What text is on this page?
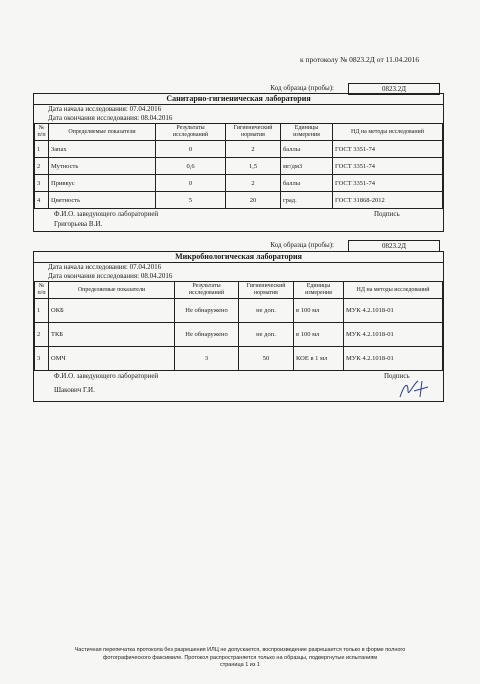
к протоколу № 0823.2Д от 11.04.2016
Код образца (пробы):	0823.2Д
Санитарно-гигиеническая лаборатория
Дата начала исследования: 07.04.2016
Дата окончания исследования: 08.04.2016
№ п/п	Определяемые показатели	Результаты исследований	Гигиенический норматив	Единицы измерения	НД на методы исследований
1	Запах	0	2	баллы	ГОСТ 3351-74
2	Мутность	0,6	1,5	мг/дм3	ГОСТ 3351-74
3	Привкус	0	2	баллы	ГОСТ 3351-74
4	Цветность	5	20	град.	ГОСТ 31868-2012
Ф.И.О. заведующего лабораторией
Григорьева В.И.
Подпись
Код образца (пробы):	0823.2Д
Микробиологическая лаборатория
Дата начала исследования: 07.04.2016
Дата окончания исследования: 08.04.2016
№ п/п	Определяемые показатели	Результаты исследований	Гигиенический норматив	Единицы измерения	НД на методы исследований
1	ОКБ	Не обнаружено	не доп.	в 100 мл	МУК 4.2.1018-01
2	ТКБ	Не обнаружено	не доп.	в 100 мл	МУК 4.2.1018-01
3	ОМЧ	3	50	КОЕ в 1 мл	МУК 4.2.1018-01
Ф.И.О. заведующего лабораторией
Шакович Г.И.
Подпись
Частичная перепечатка протокола без разрешения ИЛЦ не допускается, воспроизведение разрешается только в форме полного
фотографического факсимиле. Протокол распространяется только на образцы, подвергнутые испытаниям
страница 1 из 1
